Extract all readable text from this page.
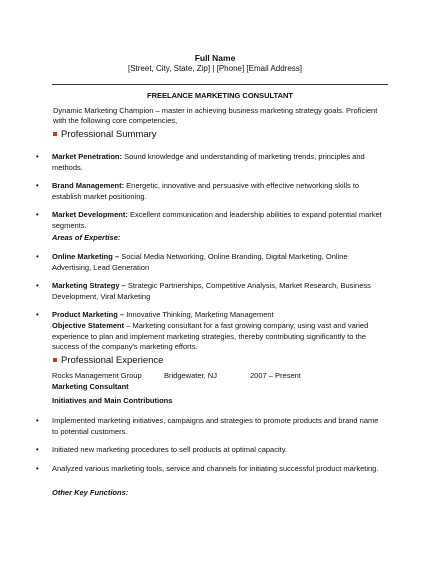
Full Name
[Street, City, State, Zip] | [Phone] [Email Address]
FREELANCE MARKETING CONSULTANT
Dynamic Marketing Champion – master in achieving business marketing strategy goals. Proficient with the following core competencies,
Professional Summary
• Market Penetration: Sound knowledge and understanding of marketing trends, principles and methods.
• Brand Management: Energetic, innovative and persuasive with effective networking skills to establish market positioning.
• Market Development: Excellent communication and leadership abilities to expand potential market segments.
Areas of Expertise:
• Online Marketing – Social Media Networking, Online Branding, Digital Marketing, Online Advertising, Lead Generation
• Marketing Strategy – Strategic Partnerships, Competitive Analysis, Market Research, Business Development, Viral Marketing
• Product Marketing – Innovative Thinking, Marketing Management
Objective Statement – Marketing consultant for a fast growing company, using vast and varied experience to plan and implement marketing strategies, thereby contributing significantly to the success of the company's marketing efforts.
Professional Experience
Rocks Management Group	Bridgewater, NJ	2007 – Present
Marketing Consultant
Initiatives and Main Contributions
• Implemented marketing initiatives, campaigns and strategies to promote products and brand name to potential customers.
• Initiated new marketing procedures to sell products at optimal capacity.
• Analyzed various marketing tools, service and channels for initiating successful product marketing.
Other Key Functions:
